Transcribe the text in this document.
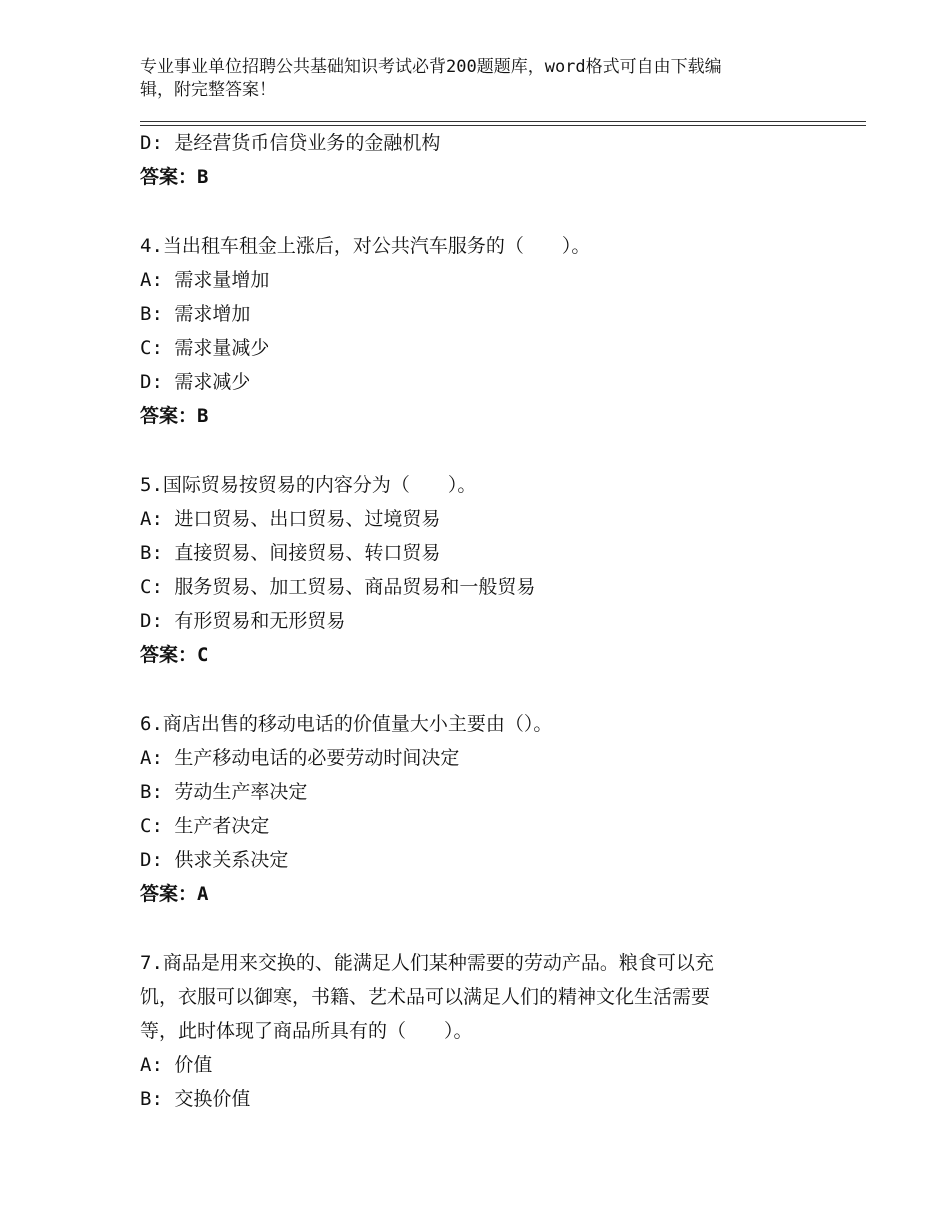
专业事业单位招聘公共基础知识考试必背200题题库，word格式可自由下载编
辑，附完整答案！
D: 是经营货币信贷业务的金融机构
答案：B
4.当出租车租金上涨后，对公共汽车服务的（　　）。
A: 需求量增加
B: 需求增加
C: 需求量减少
D: 需求减少
答案：B
5.国际贸易按贸易的内容分为（　　）。
A: 进口贸易、出口贸易、过境贸易
B: 直接贸易、间接贸易、转口贸易
C: 服务贸易、加工贸易、商品贸易和一般贸易
D: 有形贸易和无形贸易
答案：C
6.商店出售的移动电话的价值量大小主要由（）。
A: 生产移动电话的必要劳动时间决定
B: 劳动生产率决定
C: 生产者决定
D: 供求关系决定
答案：A
7.商品是用来交换的、能满足人们某种需要的劳动产品。粮食可以充
饥，衣服可以御寒，书籍、艺术品可以满足人们的精神文化生活需要
等，此时体现了商品所具有的（　　）。
A: 价值
B: 交换价值
